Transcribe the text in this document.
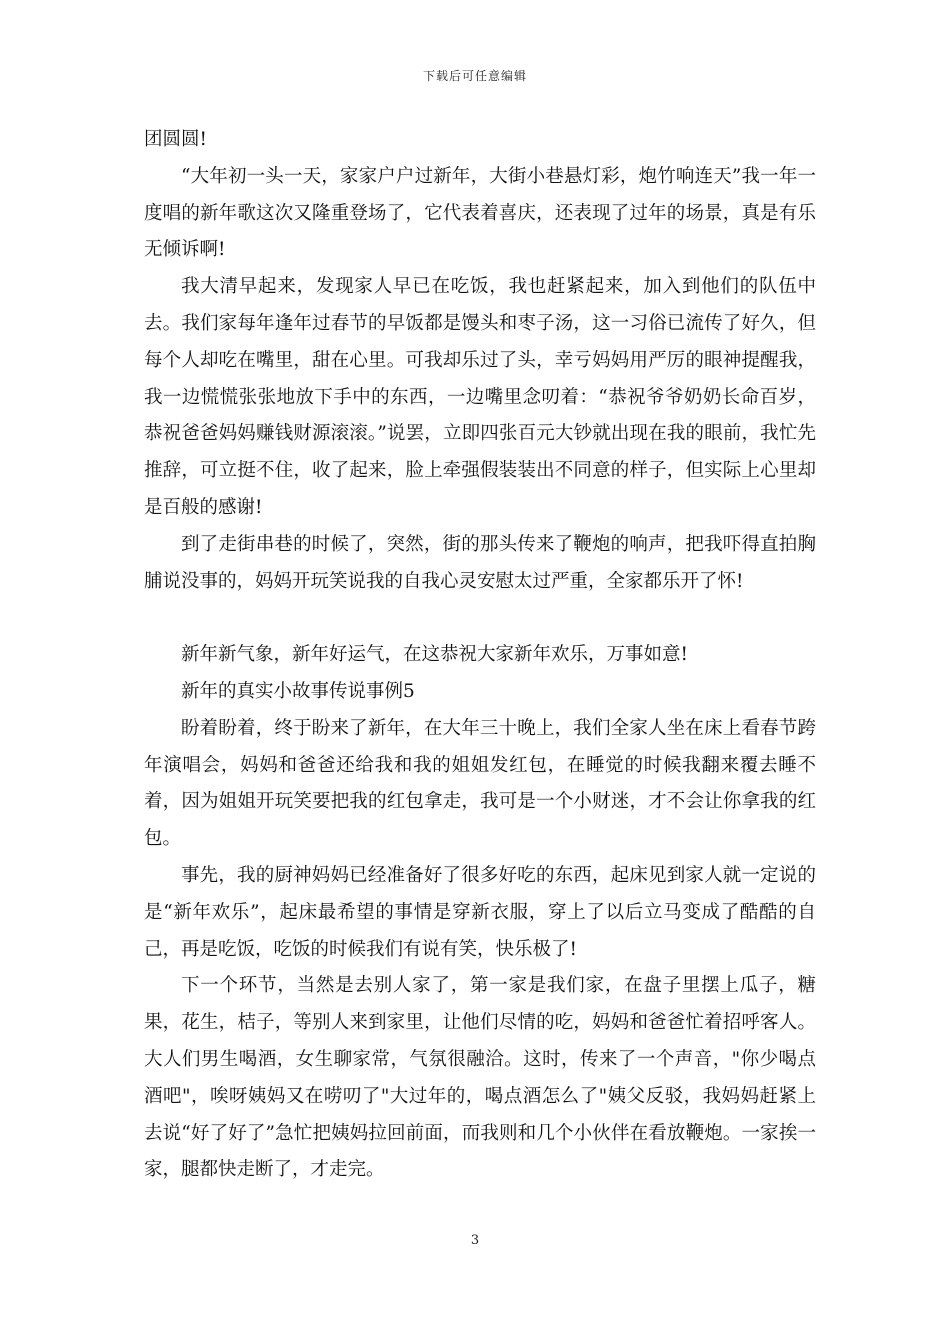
下载后可任意编辑

团圆圆!

“大年初一头一天，家家户户过新年，大街小巷悬灯彩，炮竹响连天”我一年一度唱的新年歌这次又隆重登场了，它代表着喜庆，还表现了过年的场景，真是有乐无倾诉啊!

我大清早起来，发现家人早已在吃饭，我也赶紧起来，加入到他们的队伍中去。我们家每年逢年过春节的早饭都是馒头和枣子汤，这一习俗已流传了好久，但每个人却吃在嘴里，甜在心里。可我却乐过了头，幸亏妈妈用严厉的眼神提醒我，我一边慌慌张张地放下手中的东西，一边嘴里念叨着：“恭祝爷爷奶奶长命百岁，恭祝爸爸妈妈赚钱财源滚滚。”说罢，立即四张百元大钞就出现在我的眼前，我忙先推辞，可立挺不住，收了起来，脸上牵强假装装出不同意的样子，但实际上心里却是百般的感谢!

到了走街串巷的时候了，突然，街的那头传来了鞭炮的响声，把我吓得直拍胸脯说没事的，妈妈开玩笑说我的自我心灵安慰太过严重，全家都乐开了怀!

新年新气象，新年好运气，在这恭祝大家新年欢乐，万事如意!

新年的真实小故事传说事例5

盼着盼着，终于盼来了新年，在大年三十晚上，我们全家人坐在床上看春节跨年演唱会，妈妈和爸爸还给我和我的姐姐发红包，在睡觉的时候我翻来覆去睡不着，因为姐姐开玩笑要把我的红包拿走，我可是一个小财迷，才不会让你拿我的红包。

事先，我的厨神妈妈已经准备好了很多好吃的东西，起床见到家人就一定说的是“新年欢乐”，起床最希望的事情是穿新衣服，穿上了以后立马变成了酷酷的自己，再是吃饭，吃饭的时候我们有说有笑，快乐极了!

下一个环节，当然是去别人家了，第一家是我们家，在盘子里摆上瓜子，糖果，花生，桔子，等别人来到家里，让他们尽情的吃，妈妈和爸爸忙着招呼客人。大人们男生喝酒，女生聊家常，气氛很融洽。这时，传来了一个声音，"你少喝点酒吧"，唉呀姨妈又在唠叨了"大过年的，喝点酒怎么了"姨父反驳，我妈妈赶紧上去说“好了好了”急忙把姨妈拉回前面，而我则和几个小伙伴在看放鞭炮。一家挨一家，腿都快走断了，才走完。

3
